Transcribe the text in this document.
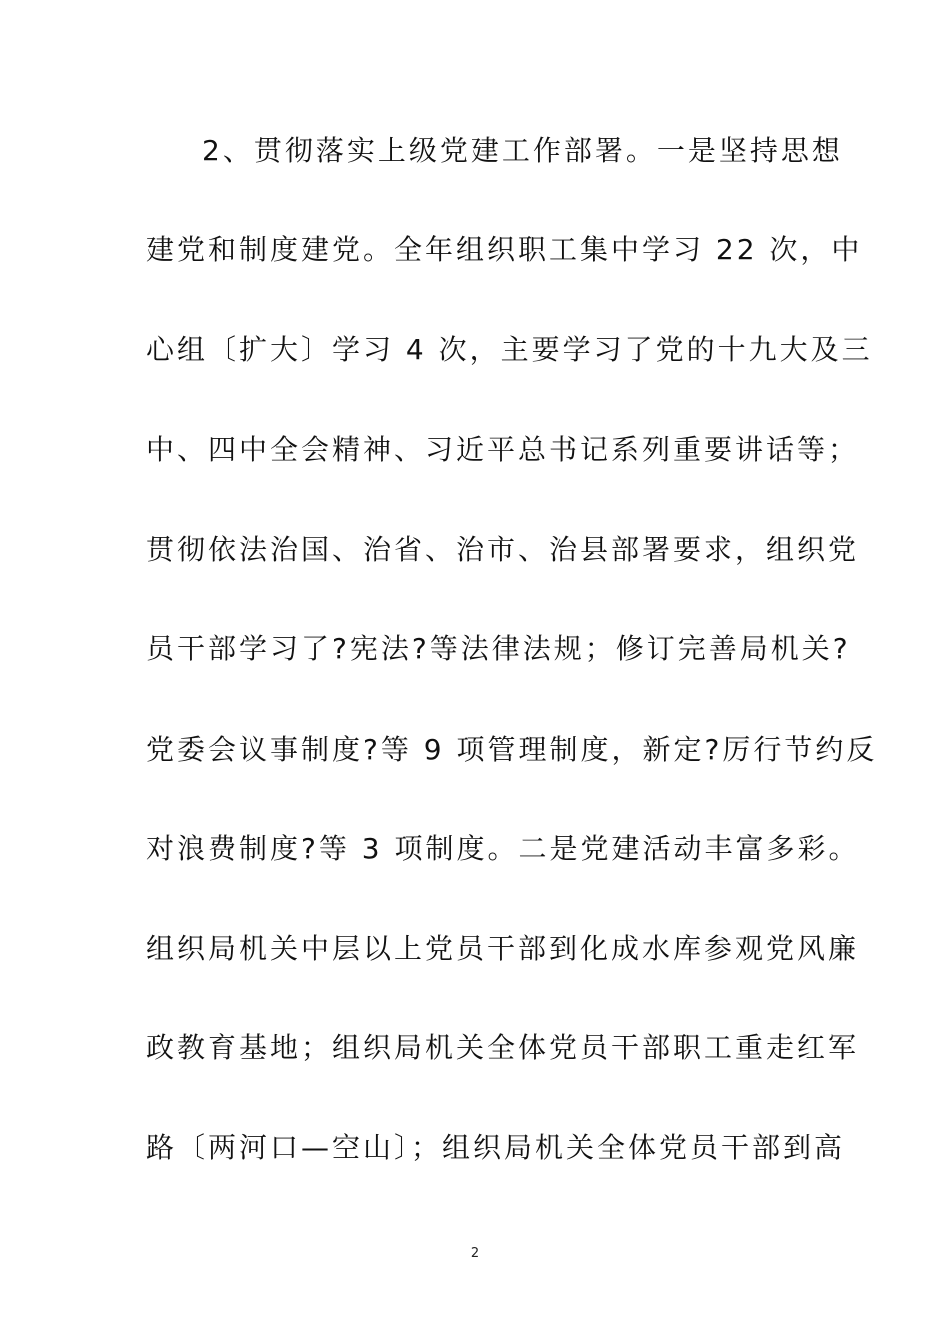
2、贯彻落实上级党建工作部署。一是坚持思想
建党和制度建党。全年组织职工集中学习 22 次，中
心组〔扩大〕学习 4 次，主要学习了党的十九大及三
中、四中全会精神、习近平总书记系列重要讲话等；
贯彻依法治国、治省、治市、治县部署要求，组织党
员干部学习了?宪法?等法律法规；修订完善局机关?
党委会议事制度?等 9 项管理制度，新定?厉行节约反
对浪费制度?等 3 项制度。二是党建活动丰富多彩。
组织局机关中层以上党员干部到化成水库参观党风廉
政教育基地；组织局机关全体党员干部职工重走红军
路〔两河口—空山〕；组织局机关全体党员干部到高
2
